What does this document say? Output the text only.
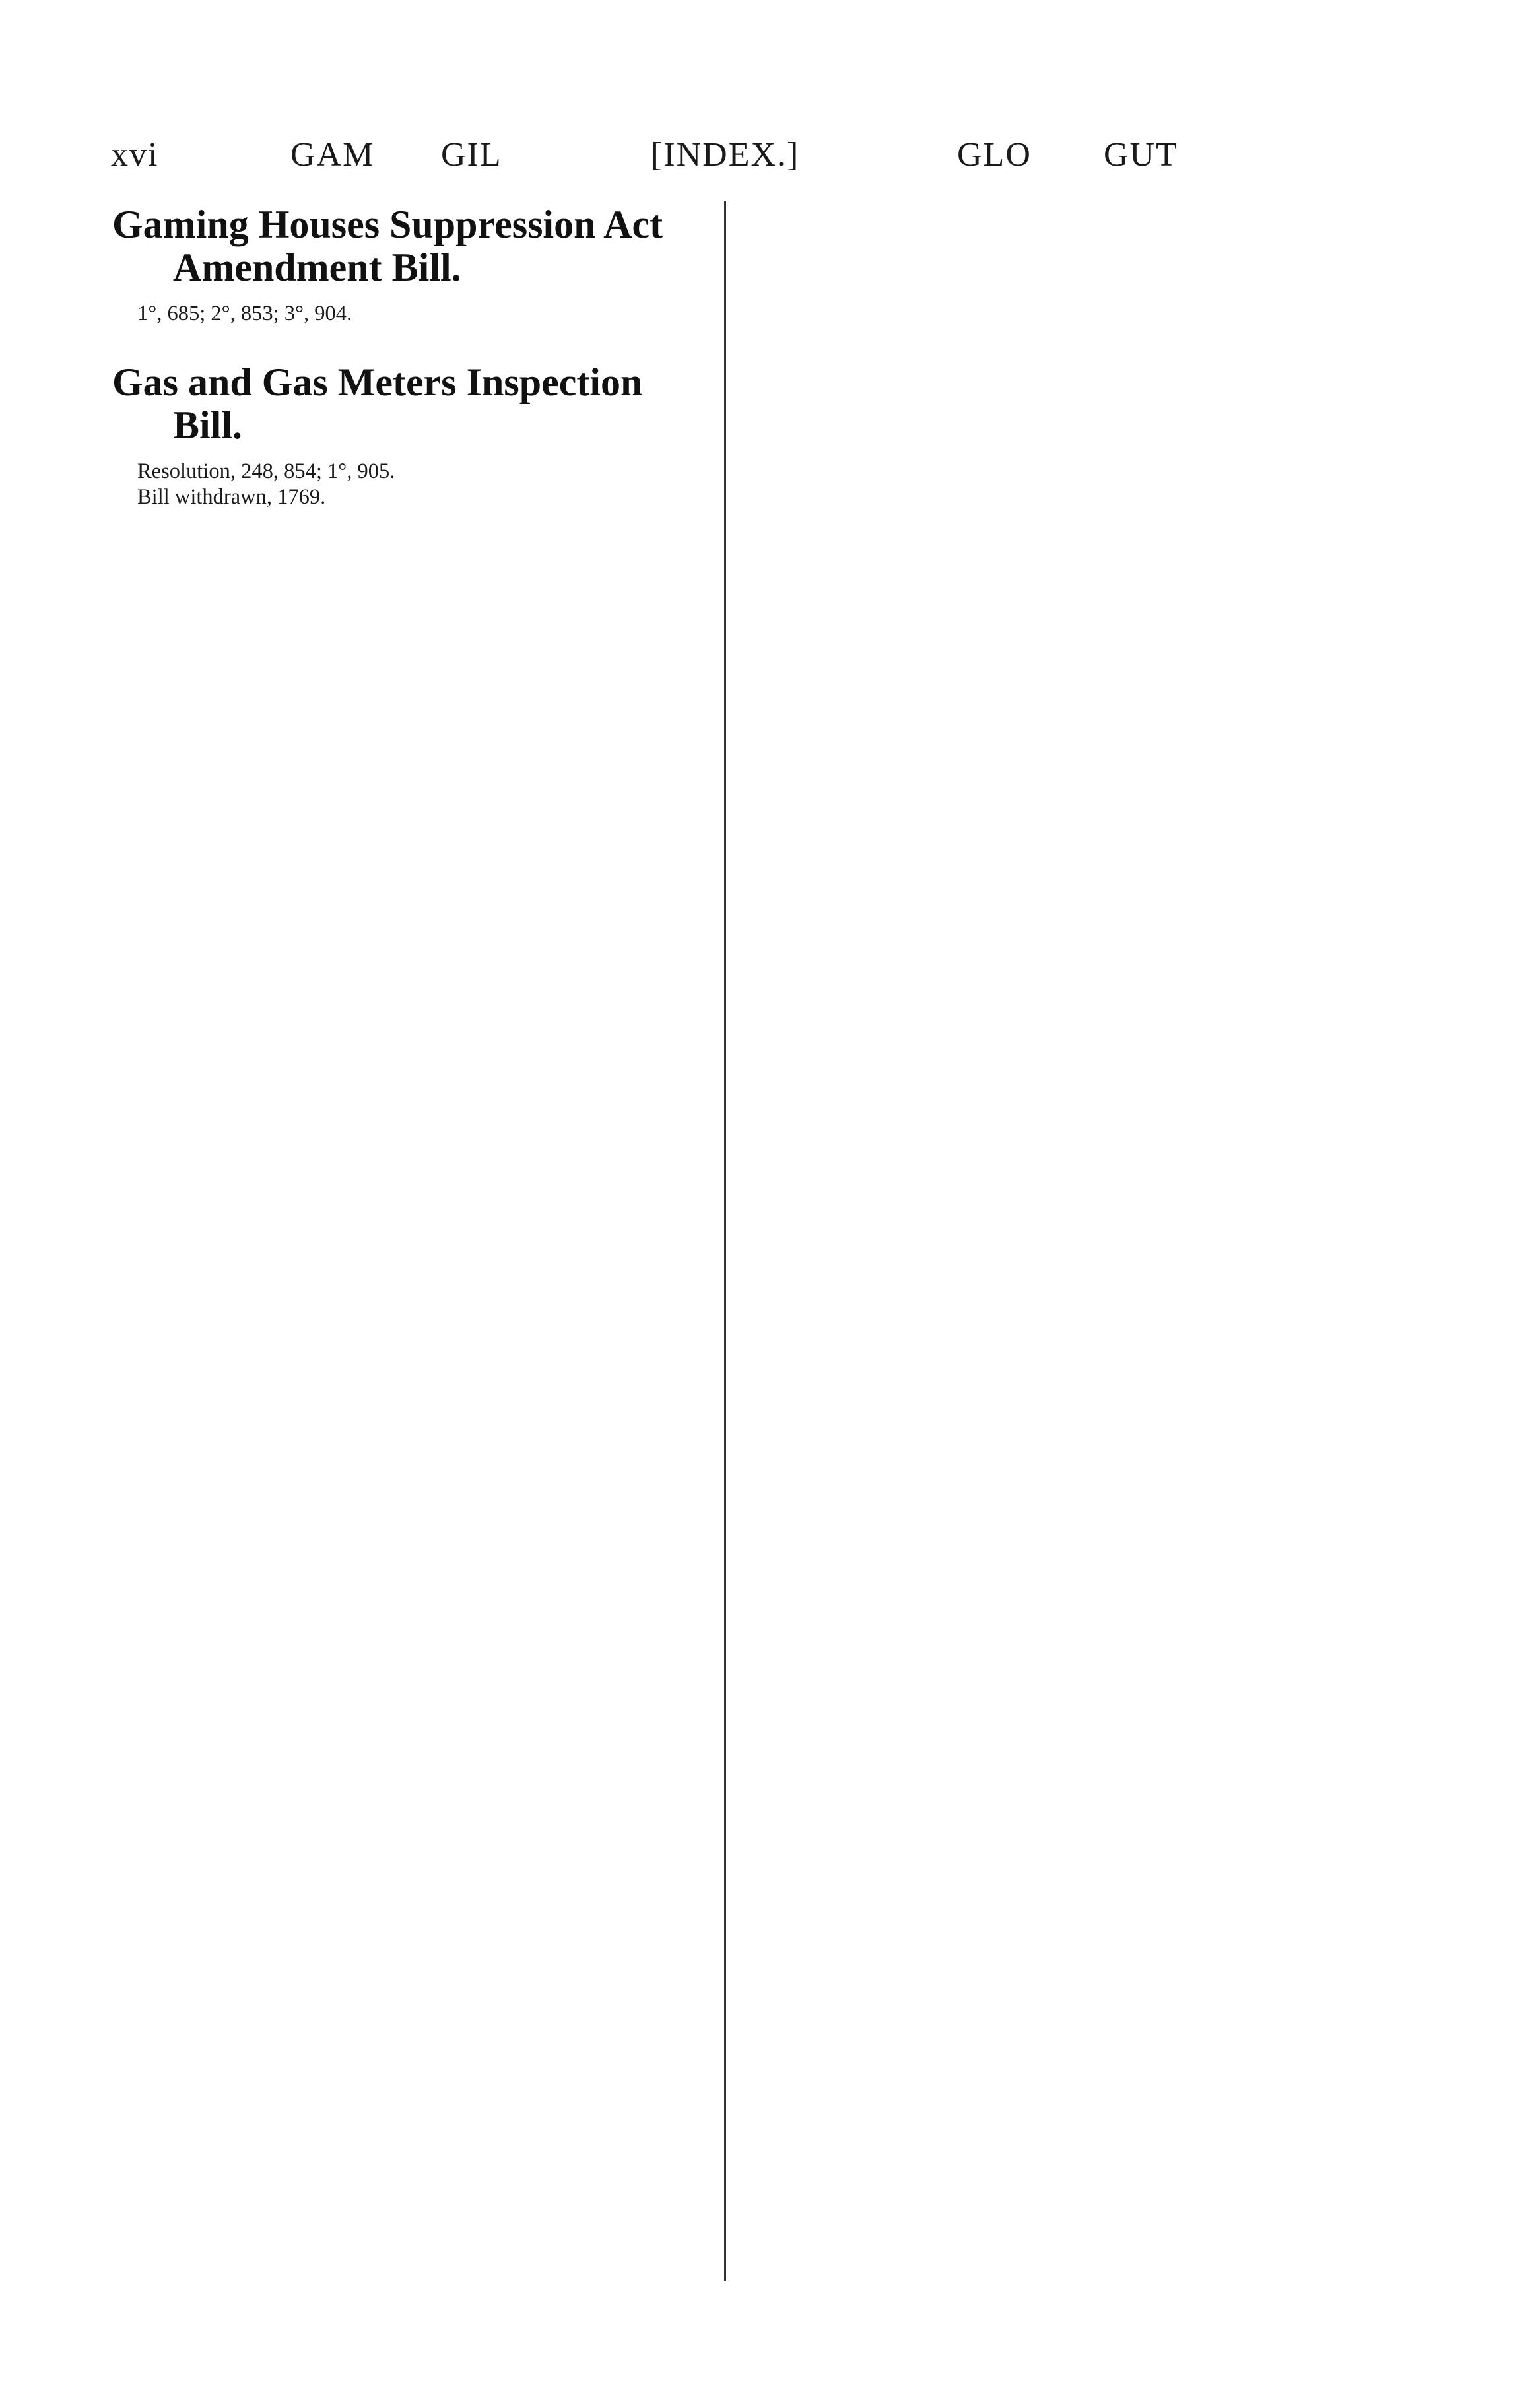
xvi	GAM GIL	[INDEX.]	GLO GUT
Gaming Houses Suppression Act Amendment Bill.
1°, 685; 2°, 853; 3°, 904.
Gas and Gas Meters Inspection Bill.
Resolution, 248, 854; 1°, 905.
Bill withdrawn, 1769.
